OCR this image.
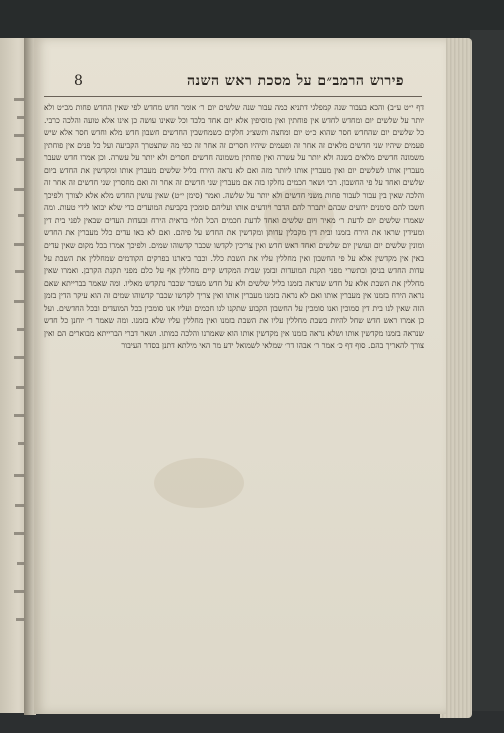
8	פירוש הרמב״ם על מסכת ראש השנה

דף י״ט ע״ב) והכא בעבור שנה קמפלגי דתניא כמה עבור שנה שלשים יום ר׳ אומר חדש מחדש לפי שאין החדש פחות מכ״ט ולא יותר על שלשים יום ומחדש לחדש אין פוחתין ואין מוסיפין אלא יום אחד בלבד וכל שאינו עושה כן אינו אלא טועה והלכה כרבי. כל שלשים יום שהחדש חסר שהוא כ״ט יום ומחצה ותשצ״ג חלקים כשמחשבין החדשים חשבון חדש מלא וחדש חסר אלא שיש פעמים שיהיו שני חדשים מלאים זה אחר זה ופעמים שיהיו חסרים זה אחר זה כפי מה שתצטרך הקביעה ועל כל פנים אין פוחתין משמונה חדשים מלאים בשנה ולא יותר על עשרה ואין פוחתין משמונה חדשים חסרים ולא יותר על עשרה. וכן אמרו חדש שעבר מעברין אותו לשלשים יום ואין מעברין אותו ליותר מזה ואם לא נראה הירח בליל שלשים מעברין אותו ומקדשין את החדש ביום שלשים ואחד על פי החשבון. רבי ושאר חכמים נחלקו בזה אם מעברין שני חדשים זה אחר זה ואם מחסרין שני חדשים זה אחר זה והלכה שאין בין עבור לעבור פחות משני חדשים ולא יותר על שלשה. ואמר (סימן י״ט) שאין עושין החדש מלא אלא לצורך ולפיכך חשבו להם סימנים ידועים שבהם יתברר להם הדבר ויודעים אותו ועליהם סומכין בקביעת המועדים כדי שלא יבואו לידי טעות. ומה שאמרו שלשים יום לדעת ר׳ מאיר ויום שלשים ואחד לדעת חכמים הכל תלוי בראית הירח ובעדות העדים שבאין לפני בית דין ומעידין שראו את הירח בזמנו ובית דין מקבלין עדותן ומקדשין את החדש על פיהם. ואם לא באו עדים כלל מעברין את החדש ומונין שלשים יום ועושין יום שלשים ואחד ראש חדש ואין צריכין לקדשו שכבר קדשוהו שמים. ולפיכך אמרו בכל מקום שאין עדים באין אין מקדשין אלא על פי החשבון ואין מחללין עליו את השבת כלל. וכבר ביארנו בפרקים הקודמים שמחללין את השבת על עדות החדש בניסן ובתשרי מפני תקנת המועדות ובזמן שבית המקדש קיים מחללין אף על כלם מפני תקנת הקרבן. ואמרו שאין מחללין את השבת אלא על חדש שנראה בזמנו בליל שלשים ולא על חדש מעובר שכבר נתקדש מאליו. ומה שאמר בברייתא שאם נראה הירח בזמנו אין מעברין אותו ואם לא נראה בזמנו מעברין אותו ואין צריך לקדשו שכבר קדשוהו שמים זה הוא עיקר הדין בזמן הזה שאין לנו בית דין סמוכין ואנו סומכין על החשבון הקבוע שתקנו לנו חכמים ועליו אנו סומכין בכל המועדים ובכל החדשים. ועל כן אמרו ראש חדש שחל להיות בשבת מחללין עליו את השבת בזמנו ואין מחללין עליו שלא בזמנו. ומה שאמר ר׳ יוחנן כל חדש שנראה בזמנו מקדשין אותו ושלא נראה בזמנו אין מקדשין אותו הוא שאמרנו והלכה כמותו. ושאר דברי הברייתא מבוארים הם ואין צורך להאריך בהם. סוף דף כ׳ אמר ר׳ אבהו דר׳ שמלאי לשמואל ידע מר האי מילתא דתנן בסדר העיבור
